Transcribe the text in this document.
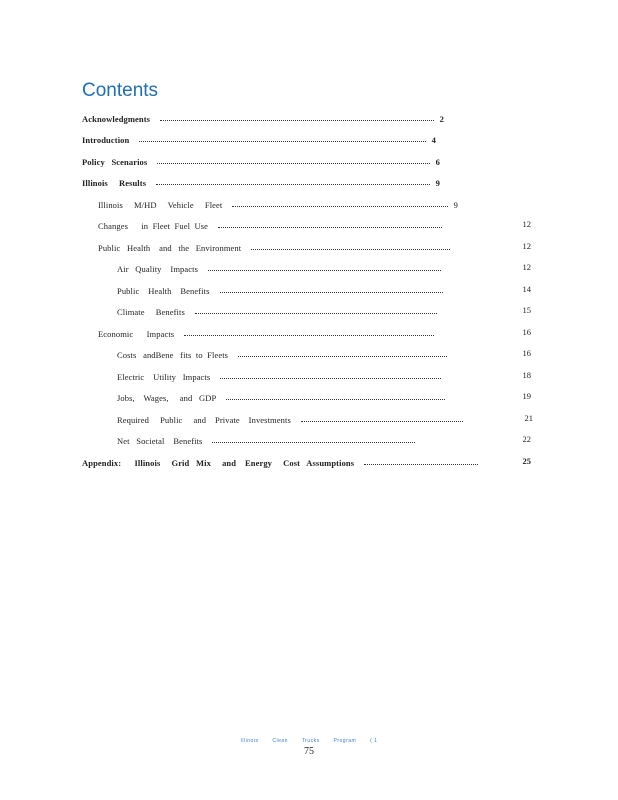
Contents
Acknowledgments	2
Introduction	4
Policy   Scenarios	6
Illinois     Results	9
Illinois     M/HD     Vehicle     Fleet	9
Changes      in  Fleet  Fuel  Use	12
Public   Health    and   the   Environment	12
Air   Quality    Impacts	12
Public    Health    Benefits	14
Climate     Benefits	15
Economic      Impacts	16
Costs   andBene   fits  to  Fleets	16
Electric    Utility   Impacts	18
Jobs,    Wages,     and   GDP	19
Required     Public     and    Private    Investments	21
Net   Societal    Benefits	22
Appendix:      Illinois     Grid   Mix     and    Energy     Cost   Assumptions	25
Illinois	Clean	Trucks	Program	( 1
75
